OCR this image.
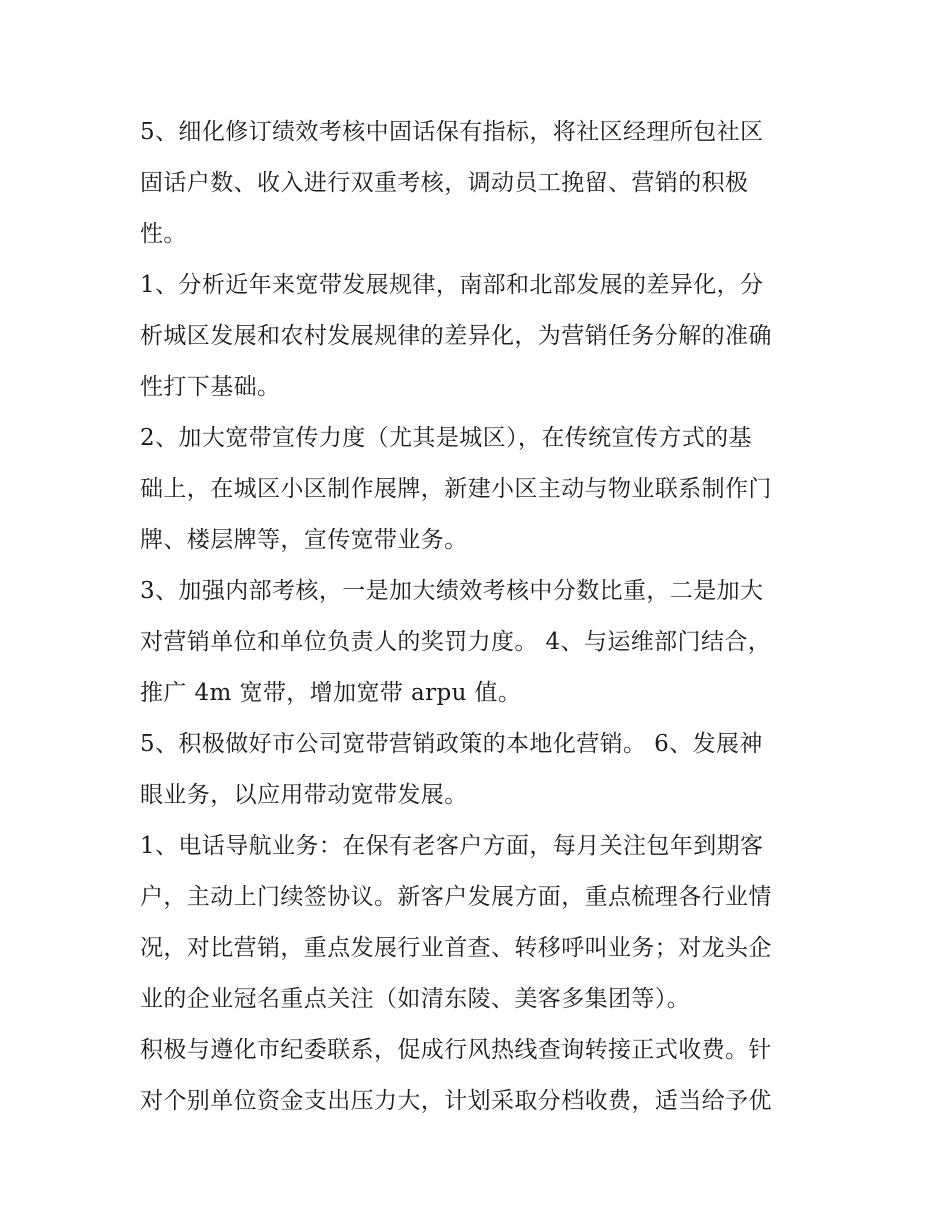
5、细化修订绩效考核中固话保有指标，将社区经理所包社区
固话户数、收入进行双重考核，调动员工挽留、营销的积极
性。
1、分析近年来宽带发展规律，南部和北部发展的差异化，分
析城区发展和农村发展规律的差异化，为营销任务分解的准确
性打下基础。
2、加大宽带宣传力度（尤其是城区），在传统宣传方式的基
础上，在城区小区制作展牌，新建小区主动与物业联系制作门
牌、楼层牌等，宣传宽带业务。
3、加强内部考核，一是加大绩效考核中分数比重，二是加大
对营销单位和单位负责人的奖罚力度。 4、与运维部门结合，
推广 4m 宽带，增加宽带 arpu 值。
5、积极做好市公司宽带营销政策的本地化营销。 6、发展神
眼业务，以应用带动宽带发展。
1、电话导航业务：在保有老客户方面，每月关注包年到期客
户，主动上门续签协议。新客户发展方面，重点梳理各行业情
况，对比营销，重点发展行业首查、转移呼叫业务；对龙头企
业的企业冠名重点关注（如清东陵、美客多集团等）。
积极与遵化市纪委联系，促成行风热线查询转接正式收费。针
对个别单位资金支出压力大，计划采取分档收费，适当给予优
